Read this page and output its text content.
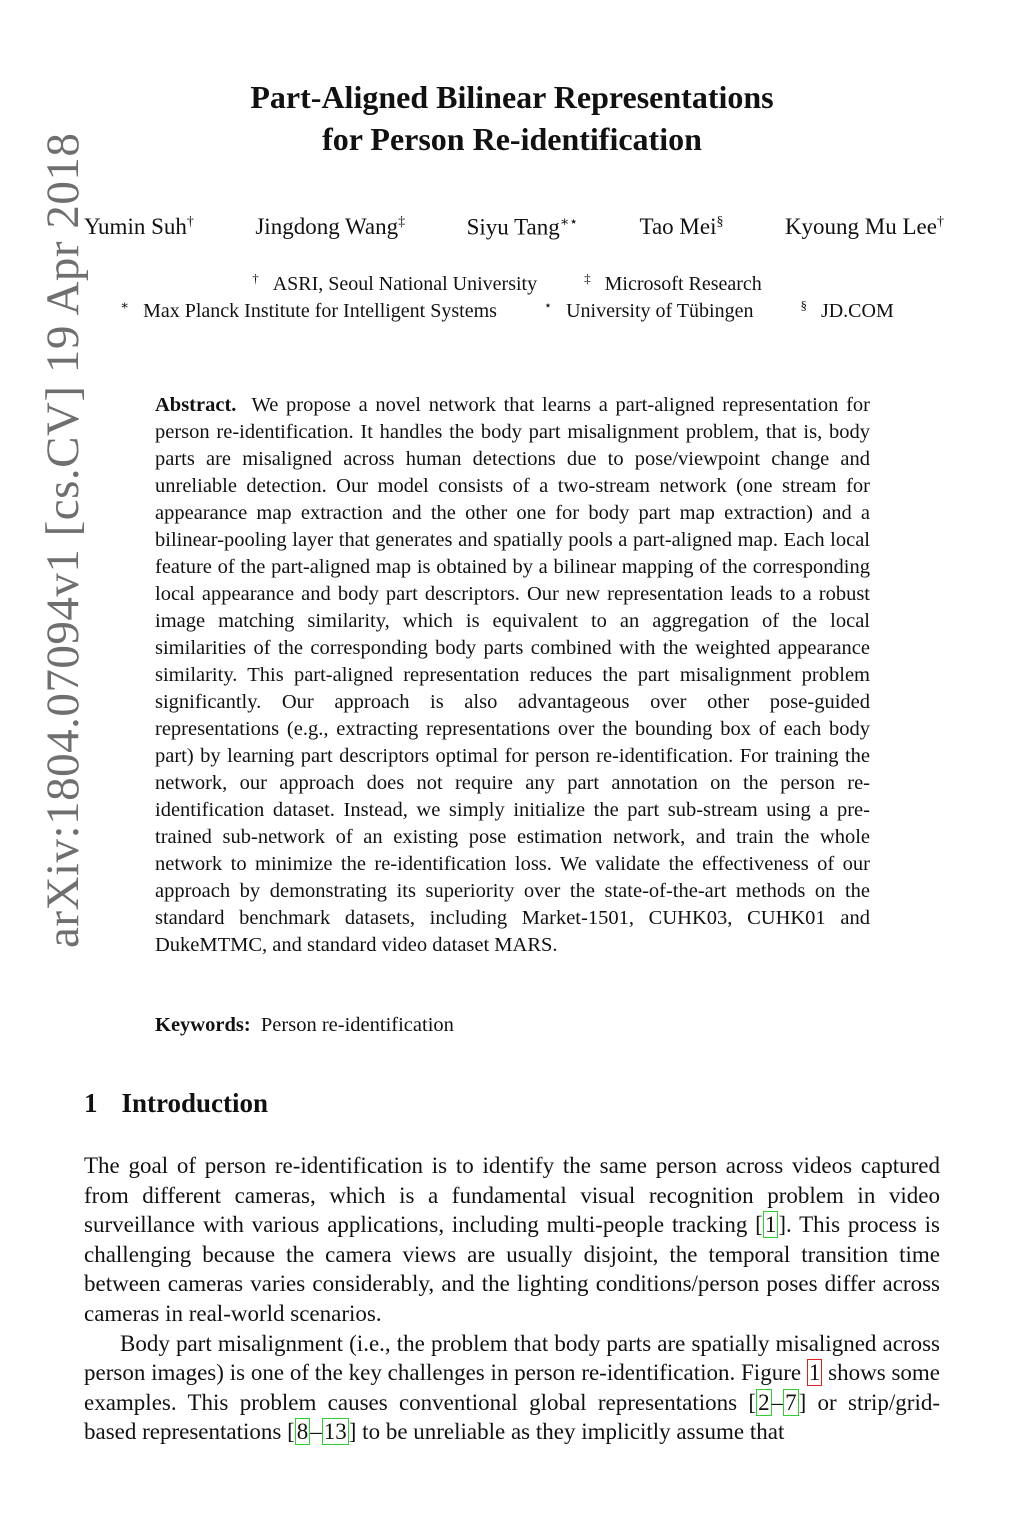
arXiv:1804.07094v1 [cs.CV] 19 Apr 2018
Part-Aligned Bilinear Representations
for Person Re-identification
Yumin Suh†	Jingdong Wang‡	Siyu Tang∗⋆	Tao Mei§	Kyoung Mu Lee†
† ASRI, Seoul National University	‡ Microsoft Research
∗ Max Planck Institute for Intelligent Systems	⋆ University of Tübingen	§ JD.COM
Abstract. We propose a novel network that learns a part-aligned representation for person re-identification. It handles the body part misalignment problem, that is, body parts are misaligned across human detections due to pose/viewpoint change and unreliable detection. Our model consists of a two-stream network (one stream for appearance map extraction and the other one for body part map extraction) and a bilinear-pooling layer that generates and spatially pools a part-aligned map. Each local feature of the part-aligned map is obtained by a bilinear mapping of the corresponding local appearance and body part descriptors. Our new representation leads to a robust image matching similarity, which is equivalent to an aggregation of the local similarities of the corresponding body parts combined with the weighted appearance similarity. This part-aligned representation reduces the part misalignment problem significantly. Our approach is also advantageous over other pose-guided representations (e.g., extracting representations over the bounding box of each body part) by learning part descriptors optimal for person re-identification. For training the network, our approach does not require any part annotation on the person re-identification dataset. Instead, we simply initialize the part sub-stream using a pre-trained sub-network of an existing pose estimation network, and train the whole network to minimize the re-identification loss. We validate the effectiveness of our approach by demonstrating its superiority over the state-of-the-art methods on the standard benchmark datasets, including Market-1501, CUHK03, CUHK01 and DukeMTMC, and standard video dataset MARS.
Keywords: Person re-identification
1 Introduction

The goal of person re-identification is to identify the same person across videos captured from different cameras, which is a fundamental visual recognition problem in video surveillance with various applications, including multi-people tracking [1]. This process is challenging because the camera views are usually disjoint, the temporal transition time between cameras varies considerably, and the lighting conditions/person poses differ across cameras in real-world scenarios.

Body part misalignment (i.e., the problem that body parts are spatially misaligned across person images) is one of the key challenges in person re-identification. Figure 1 shows some examples. This problem causes conventional global representations [2–7] or strip/grid-based representations [8–13] to be unreliable as they implicitly assume that
